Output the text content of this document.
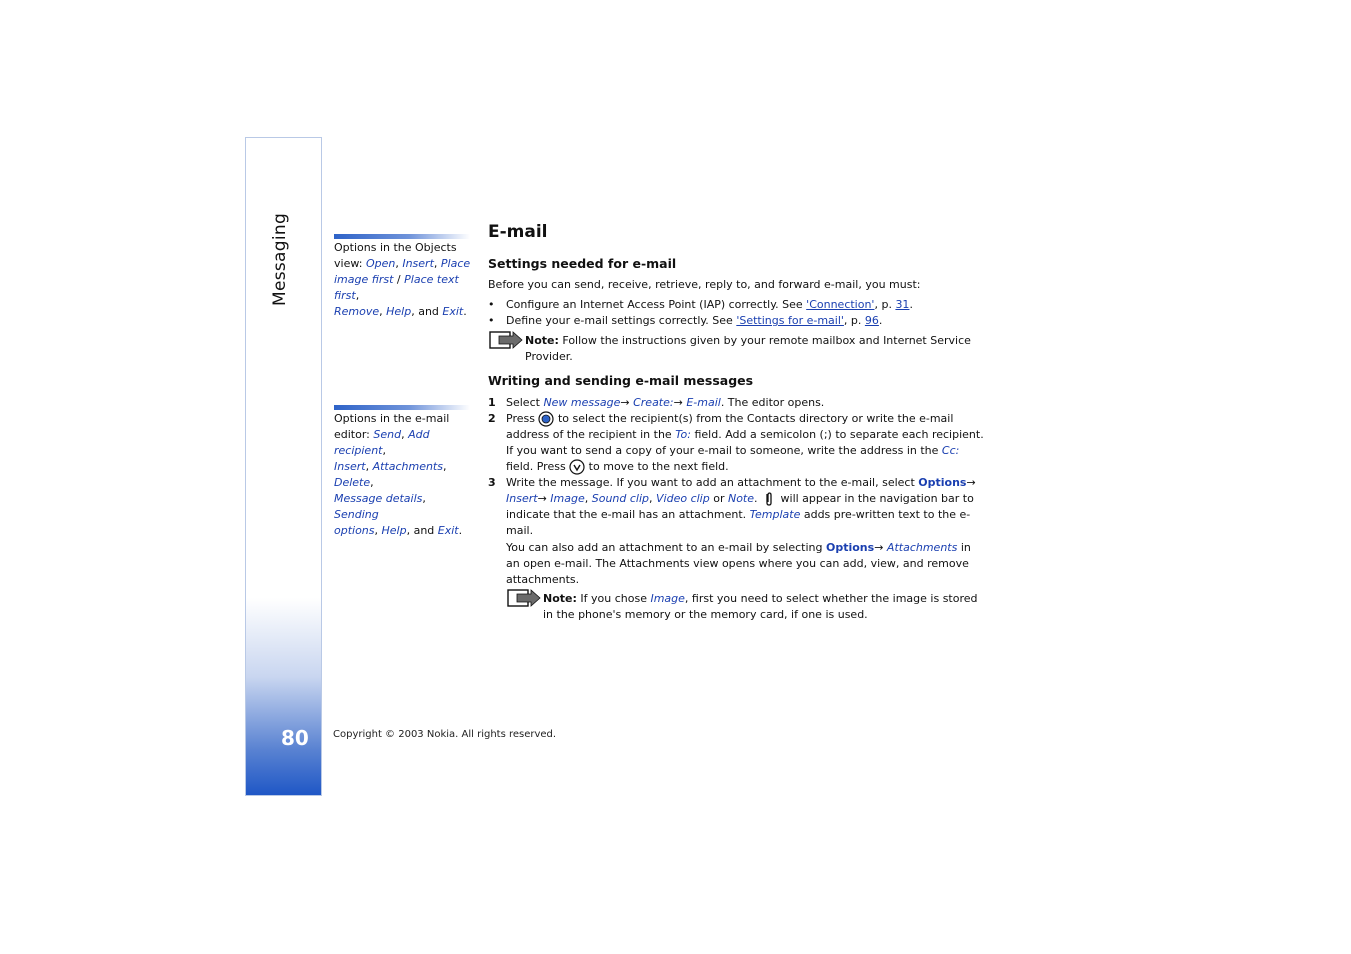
Messaging
80
Options in the Objects
view: Open, Insert, Place
image first / Place text first,
Remove, Help, and Exit.
Options in the e-mail
editor: Send, Add recipient,
Insert, Attachments, Delete,
Message details, Sending
options, Help, and Exit.
E-mail
Settings needed for e-mail
Before you can send, receive, retrieve, reply to, and forward e-mail, you must:
• Configure an Internet Access Point (IAP) correctly. See 'Connection', p. 31.
• Define your e-mail settings correctly. See 'Settings for e-mail', p. 96.
Note: Follow the instructions given by your remote mailbox and Internet Service
Provider.
Writing and sending e-mail messages
1 Select New message→ Create:→ E-mail. The editor opens.
2 Press  to select the recipient(s) from the Contacts directory or write the e-mail
address of the recipient in the To: field. Add a semicolon (;) to separate each recipient.
If you want to send a copy of your e-mail to someone, write the address in the Cc:
field. Press  to move to the next field.
3 Write the message. If you want to add an attachment to the e-mail, select Options→
Insert→ Image, Sound clip, Video clip or Note.  will appear in the navigation bar to
indicate that the e-mail has an attachment. Template adds pre-written text to the e-
mail.
You can also add an attachment to an e-mail by selecting Options→ Attachments in
an open e-mail. The Attachments view opens where you can add, view, and remove
attachments.
Note: If you chose Image, first you need to select whether the image is stored
in the phone's memory or the memory card, if one is used.
Copyright © 2003 Nokia. All rights reserved.
